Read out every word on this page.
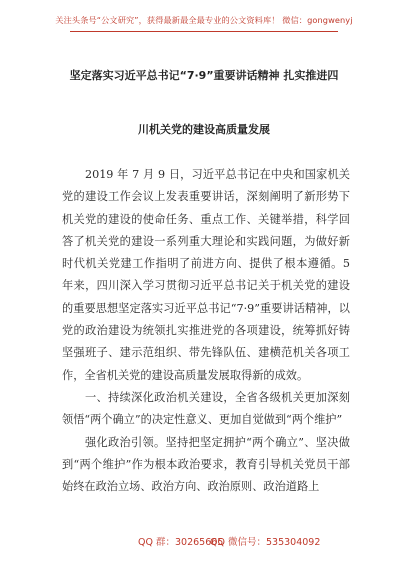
关注头条号“公文研究”，获得最新最全最专业的公文资料库！ 微信：gongwenyj
坚定落实习近平总书记“7·9”重要讲话精神 扎实推进四
川机关党的建设高质量发展

2019 年 7 月 9 日，习近平总书记在中央和国家机关党的建设工作会议上发表重要讲话，深刻阐明了新形势下机关党的建设的使命任务、重点工作、关键举措，科学回答了机关党的建设一系列重大理论和实践问题，为做好新时代机关党建工作指明了前进方向、提供了根本遵循。5 年来，四川深入学习贯彻习近平总书记关于机关党的建设的重要思想坚定落实习近平总书记“7·9”重要讲话精神，以党的政治建设为统领扎实推进党的各项建设，统筹抓好铸坚强班子、建示范组织、带先锋队伍、建横范机关各项工作，全省机关党的建设高质量发展取得新的成效。

一、持续深化政治机关建设，全省各级机关更加深刻领悟“两个确立”的决定性意义、更加自觉做到“两个维护”

强化政治引领。坚持把坚定拥护“两个确立”、坚决做到“两个维护”作为根本政治要求，教育引导机关党员干部始终在政治立场、政治方向、政治原则、政治道路上

QQ 群：30265665
QQ 微信号：535304092
